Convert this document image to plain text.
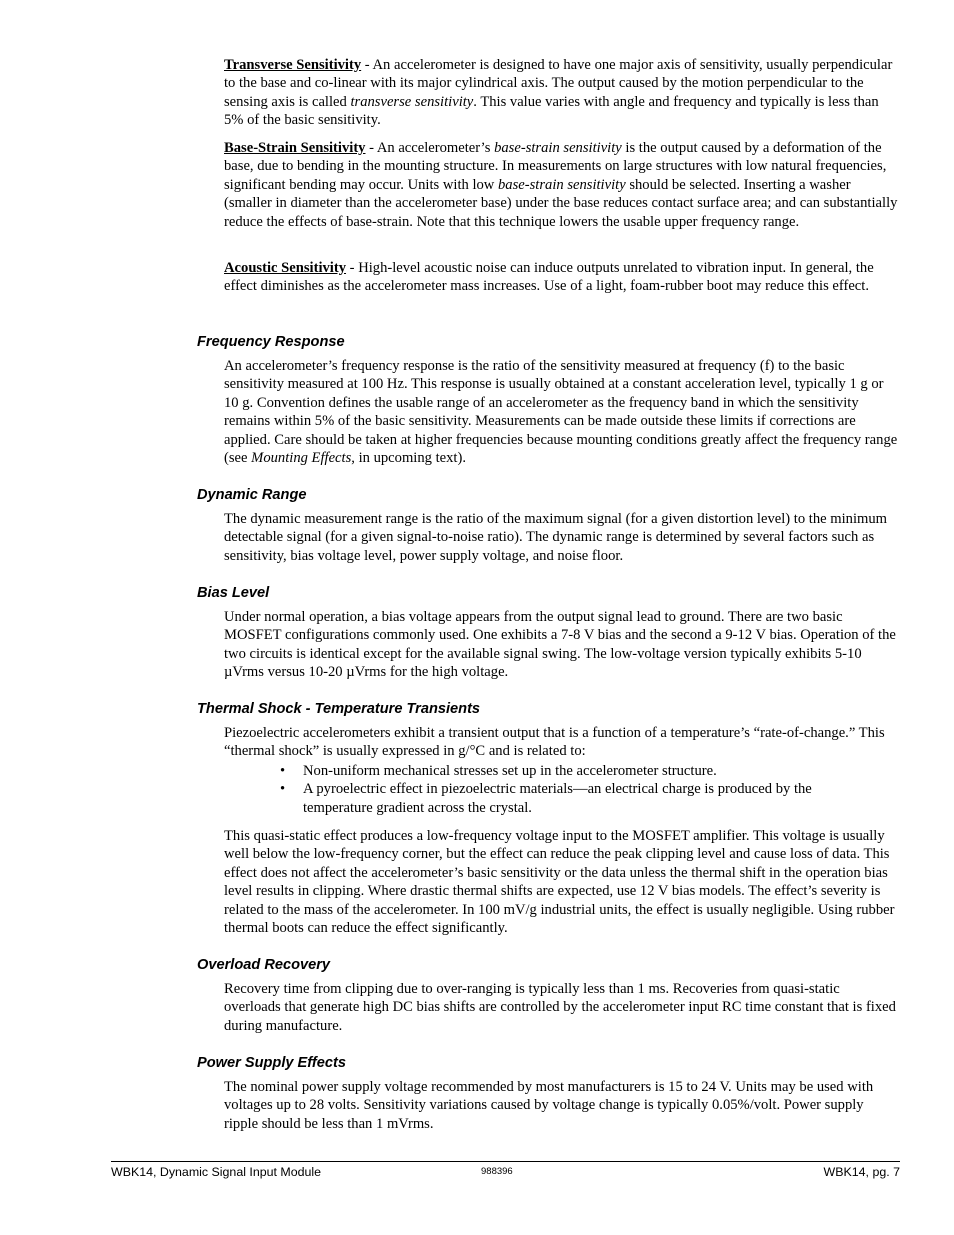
Transverse Sensitivity - An accelerometer is designed to have one major axis of sensitivity, usually perpendicular to the base and co-linear with its major cylindrical axis. The output caused by the motion perpendicular to the sensing axis is called transverse sensitivity. This value varies with angle and frequency and typically is less than 5% of the basic sensitivity.

Base-Strain Sensitivity - An accelerometer’s base-strain sensitivity is the output caused by a deformation of the base, due to bending in the mounting structure. In measurements on large structures with low natural frequencies, significant bending may occur. Units with low base-strain sensitivity should be selected. Inserting a washer (smaller in diameter than the accelerometer base) under the base reduces contact surface area; and can substantially reduce the effects of base-strain. Note that this technique lowers the usable upper frequency range.

Acoustic Sensitivity - High-level acoustic noise can induce outputs unrelated to vibration input. In general, the effect diminishes as the accelerometer mass increases. Use of a light, foam-rubber boot may reduce this effect.

Frequency Response

An accelerometer’s frequency response is the ratio of the sensitivity measured at frequency (f) to the basic sensitivity measured at 100 Hz. This response is usually obtained at a constant acceleration level, typically 1 g or 10 g. Convention defines the usable range of an accelerometer as the frequency band in which the sensitivity remains within 5% of the basic sensitivity. Measurements can be made outside these limits if corrections are applied. Care should be taken at higher frequencies because mounting conditions greatly affect the frequency range (see Mounting Effects, in upcoming text).

Dynamic Range

The dynamic measurement range is the ratio of the maximum signal (for a given distortion level) to the minimum detectable signal (for a given signal-to-noise ratio). The dynamic range is determined by several factors such as sensitivity, bias voltage level, power supply voltage, and noise floor.

Bias Level

Under normal operation, a bias voltage appears from the output signal lead to ground. There are two basic MOSFET configurations commonly used. One exhibits a 7-8 V bias and the second a 9-12 V bias. Operation of the two circuits is identical except for the available signal swing. The low-voltage version typically exhibits 5-10 µVrms versus 10-20 µVrms for the high voltage.

Thermal Shock - Temperature Transients

Piezoelectric accelerometers exhibit a transient output that is a function of a temperature’s “rate-of-change.” This “thermal shock” is usually expressed in g/°C and is related to:

• Non-uniform mechanical stresses set up in the accelerometer structure.
• A pyroelectric effect in piezoelectric materials—an electrical charge is produced by the temperature gradient across the crystal.

This quasi-static effect produces a low-frequency voltage input to the MOSFET amplifier. This voltage is usually well below the low-frequency corner, but the effect can reduce the peak clipping level and cause loss of data. This effect does not affect the accelerometer’s basic sensitivity or the data unless the thermal shift in the operation bias level results in clipping. Where drastic thermal shifts are expected, use 12 V bias models. The effect’s severity is related to the mass of the accelerometer. In 100 mV/g industrial units, the effect is usually negligible. Using rubber thermal boots can reduce the effect significantly.

Overload Recovery

Recovery time from clipping due to over-ranging is typically less than 1 ms. Recoveries from quasi-static overloads that generate high DC bias shifts are controlled by the accelerometer input RC time constant that is fixed during manufacture.

Power Supply Effects

The nominal power supply voltage recommended by most manufacturers is 15 to 24 V. Units may be used with voltages up to 28 volts. Sensitivity variations caused by voltage change is typically 0.05%/volt. Power supply ripple should be less than 1 mVrms.

WBK14, Dynamic Signal Input Module	988396	WBK14, pg. 7
